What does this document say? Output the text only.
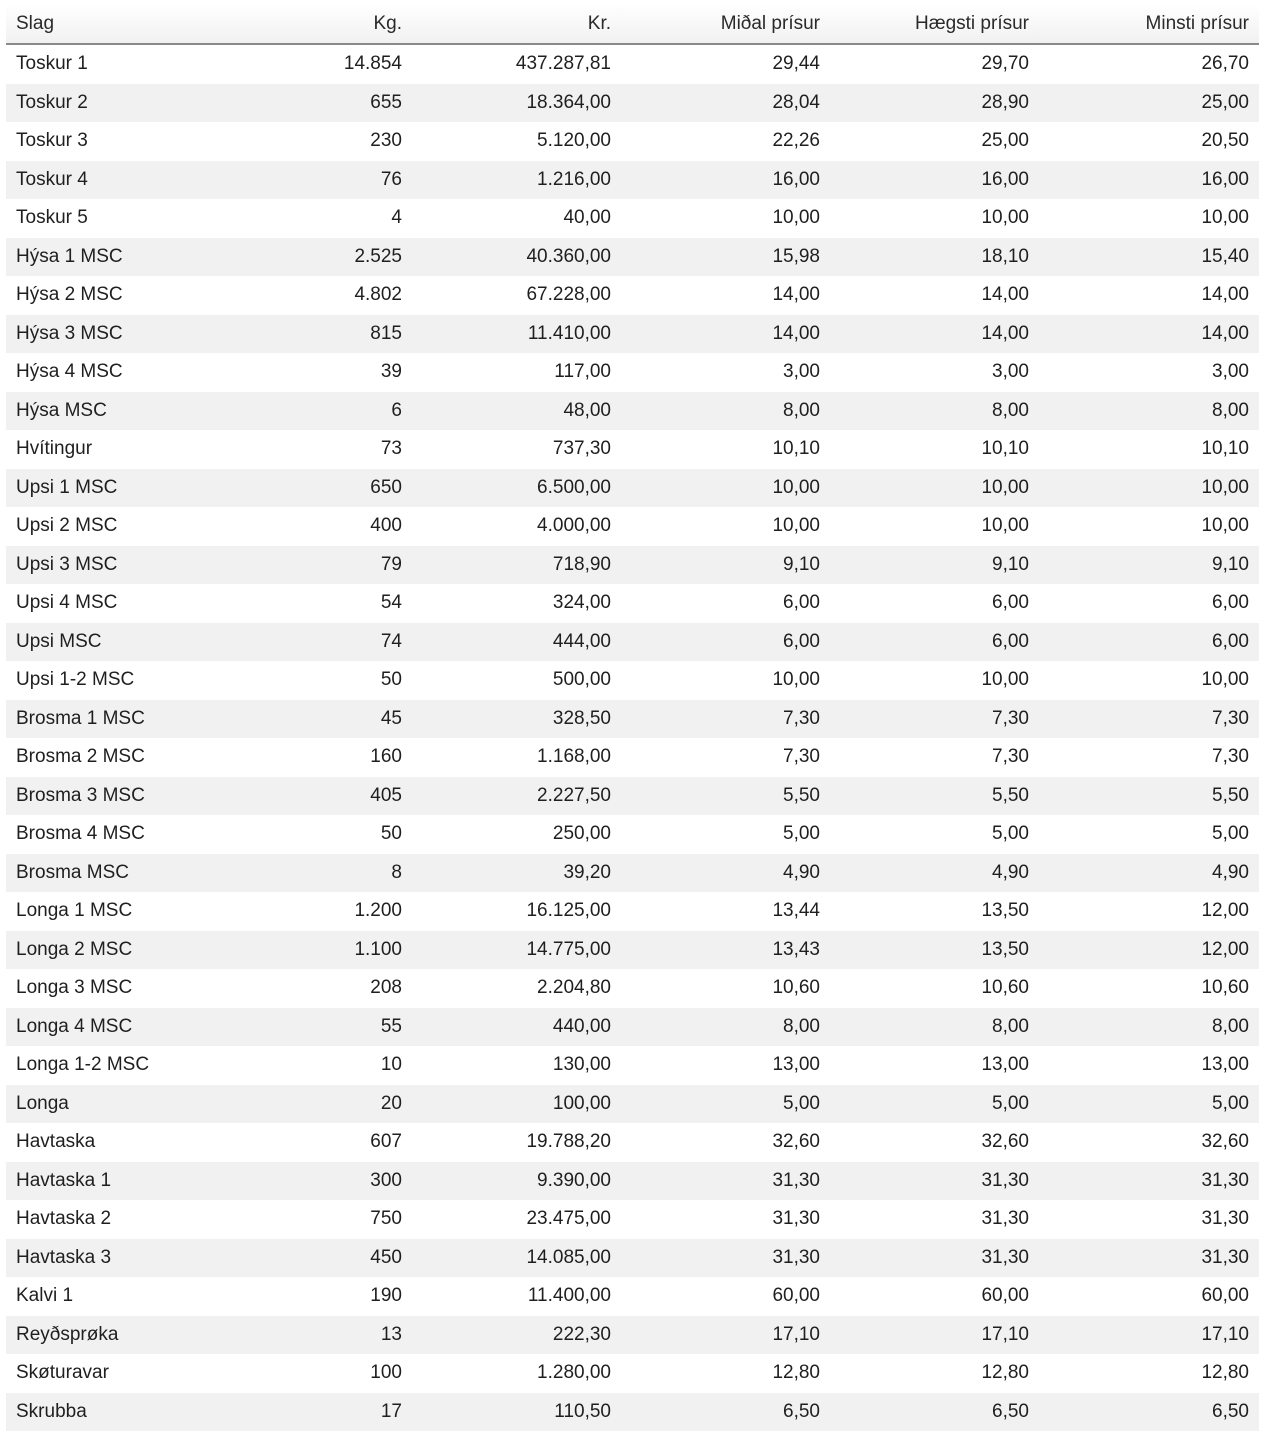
Slag	Kg.	Kr.	Miðal prísur	Hægsti prísur	Minsti prísur
Toskur 1	14.854	437.287,81	29,44	29,70	26,70
Toskur 2	655	18.364,00	28,04	28,90	25,00
Toskur 3	230	5.120,00	22,26	25,00	20,50
Toskur 4	76	1.216,00	16,00	16,00	16,00
Toskur 5	4	40,00	10,00	10,00	10,00
Hýsa 1 MSC	2.525	40.360,00	15,98	18,10	15,40
Hýsa 2 MSC	4.802	67.228,00	14,00	14,00	14,00
Hýsa 3 MSC	815	11.410,00	14,00	14,00	14,00
Hýsa 4 MSC	39	117,00	3,00	3,00	3,00
Hýsa MSC	6	48,00	8,00	8,00	8,00
Hvítingur	73	737,30	10,10	10,10	10,10
Upsi 1 MSC	650	6.500,00	10,00	10,00	10,00
Upsi 2 MSC	400	4.000,00	10,00	10,00	10,00
Upsi 3 MSC	79	718,90	9,10	9,10	9,10
Upsi 4 MSC	54	324,00	6,00	6,00	6,00
Upsi MSC	74	444,00	6,00	6,00	6,00
Upsi 1-2 MSC	50	500,00	10,00	10,00	10,00
Brosma 1 MSC	45	328,50	7,30	7,30	7,30
Brosma 2 MSC	160	1.168,00	7,30	7,30	7,30
Brosma 3 MSC	405	2.227,50	5,50	5,50	5,50
Brosma 4 MSC	50	250,00	5,00	5,00	5,00
Brosma MSC	8	39,20	4,90	4,90	4,90
Longa 1 MSC	1.200	16.125,00	13,44	13,50	12,00
Longa 2 MSC	1.100	14.775,00	13,43	13,50	12,00
Longa 3 MSC	208	2.204,80	10,60	10,60	10,60
Longa 4 MSC	55	440,00	8,00	8,00	8,00
Longa 1-2 MSC	10	130,00	13,00	13,00	13,00
Longa	20	100,00	5,00	5,00	5,00
Havtaska	607	19.788,20	32,60	32,60	32,60
Havtaska 1	300	9.390,00	31,30	31,30	31,30
Havtaska 2	750	23.475,00	31,30	31,30	31,30
Havtaska 3	450	14.085,00	31,30	31,30	31,30
Kalvi 1	190	11.400,00	60,00	60,00	60,00
Reyðsprøka	13	222,30	17,10	17,10	17,10
Skøturavar	100	1.280,00	12,80	12,80	12,80
Skrubba	17	110,50	6,50	6,50	6,50
